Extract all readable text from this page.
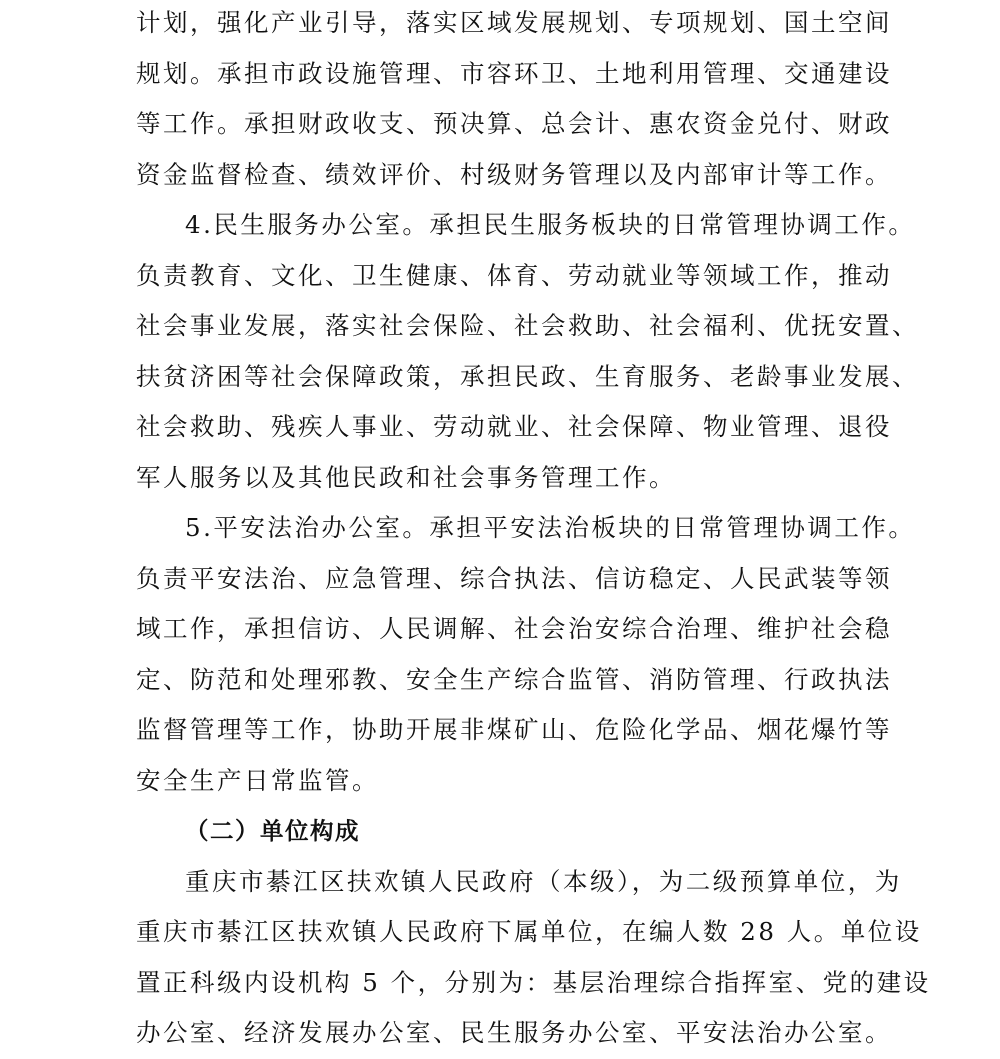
计划，强化产业引导，落实区域发展规划、专项规划、国土空间
规划。承担市政设施管理、市容环卫、土地利用管理、交通建设
等工作。承担财政收支、预决算、总会计、惠农资金兑付、财政
资金监督检查、绩效评价、村级财务管理以及内部审计等工作。
4.民生服务办公室。承担民生服务板块的日常管理协调工作。
负责教育、文化、卫生健康、体育、劳动就业等领域工作，推动
社会事业发展，落实社会保险、社会救助、社会福利、优抚安置、
扶贫济困等社会保障政策，承担民政、生育服务、老龄事业发展、
社会救助、残疾人事业、劳动就业、社会保障、物业管理、退役
军人服务以及其他民政和社会事务管理工作。
5.平安法治办公室。承担平安法治板块的日常管理协调工作。
负责平安法治、应急管理、综合执法、信访稳定、人民武装等领
域工作，承担信访、人民调解、社会治安综合治理、维护社会稳
定、防范和处理邪教、安全生产综合监管、消防管理、行政执法
监督管理等工作，协助开展非煤矿山、危险化学品、烟花爆竹等
安全生产日常监管。
（二）单位构成
重庆市綦江区扶欢镇人民政府（本级），为二级预算单位，为
重庆市綦江区扶欢镇人民政府下属单位，在编人数 28 人。单位设
置正科级内设机构 5 个，分别为：基层治理综合指挥室、党的建设
办公室、经济发展办公室、民生服务办公室、平安法治办公室。
